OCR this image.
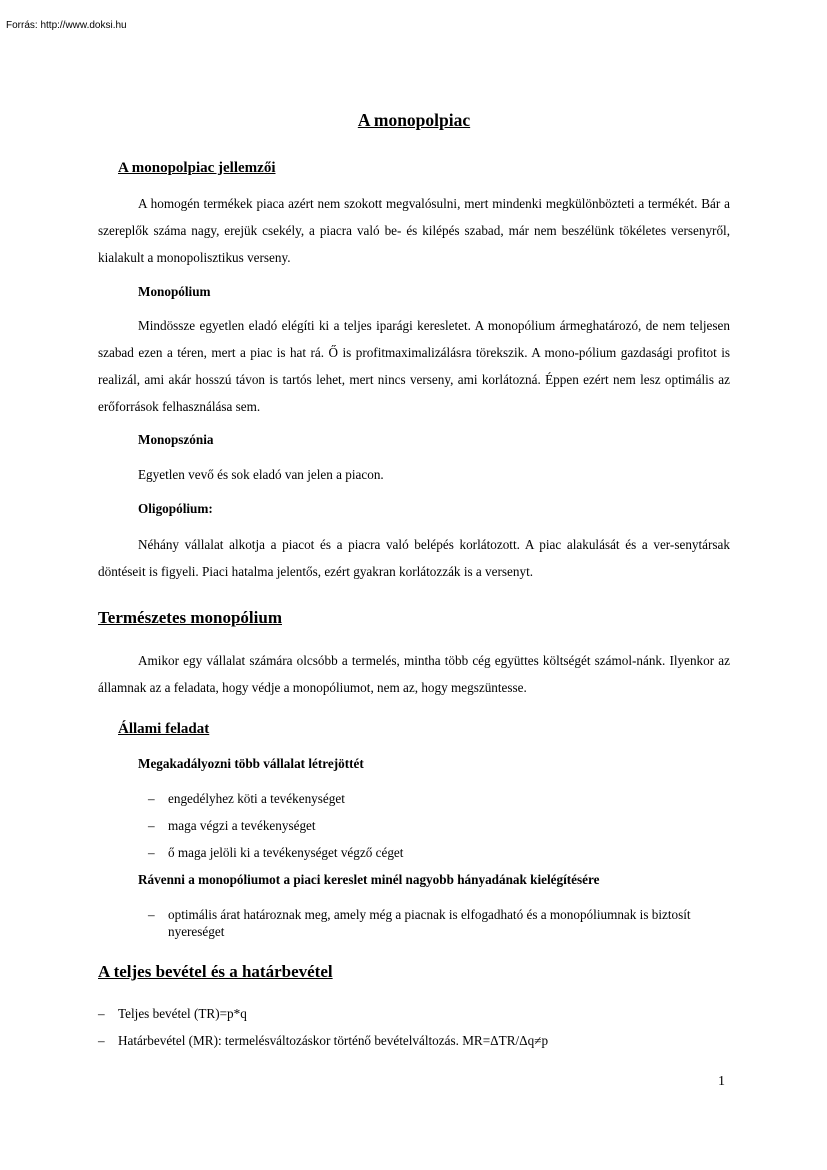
Forrás: http://www.doksi.hu
A monopolpiac
A monopolpiac jellemzői

A homogén termékek piaca azért nem szokott megvalósulni, mert mindenki megkülönbözteti a termékét. Bár a szereplők száma nagy, erejük csekély, a piacra való be- és kilépés szabad, már nem beszélünk tökéletes versenyről, kialakult a monopolisztikus verseny.

Monopólium

Mindössze egyetlen eladó elégíti ki a teljes iparági keresletet. A monopólium ármeghatározó, de nem teljesen szabad ezen a téren, mert a piac is hat rá. Ő is profitmaximalizálásra törekszik. A mono-pólium gazdasági profitot is realizál, ami akár hosszú távon is tartós lehet, mert nincs verseny, ami korlátozná. Éppen ezért nem lesz optimális az erőforrások felhasználása sem.

Monopszónia

Egyetlen vevő és sok eladó van jelen a piacon.

Oligopólium:

Néhány vállalat alkotja a piacot és a piacra való belépés korlátozott. A piac alakulását és a ver-senytársak döntéseit is figyeli. Piaci hatalma jelentős, ezért gyakran korlátozzák is a versenyt.

Természetes monopólium

Amikor egy vállalat számára olcsóbb a termelés, mintha több cég együttes költségét számol-nánk. Ilyenkor az államnak az a feladata, hogy védje a monopóliumot, nem az, hogy megszüntesse.

Állami feladat

Megakadályozni több vállalat létrejöttét

– engedélyhez köti a tevékenységet
– maga végzi a tevékenységet
– ő maga jelöli ki a tevékenységet végző céget

Rávenni a monopóliumot a piaci kereslet minél nagyobb hányadának kielégítésére

– optimális árat határoznak meg, amely még a piacnak is elfogadható és a monopóliumnak is biztosít nyereséget
A teljes bevétel és a határbevétel
– Teljes bevétel (TR)=p*q
– Határbevétel (MR): termelésváltozáskor történő bevételváltozás. MR=ΔTR/Δq≠p
1
